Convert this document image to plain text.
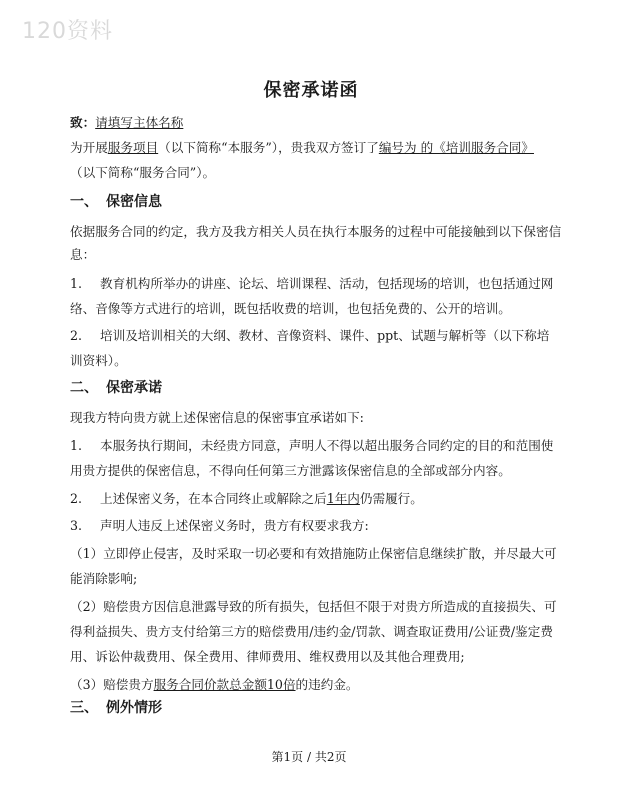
120资料
保密承诺函
致：请填写主体名称
为开展服务项目（以下简称“本服务”），贵我双方签订了编号为 的《培训服务合同》
（以下简称“服务合同”）。
一、 保密信息
依据服务合同的约定，我方及我方相关人员在执行本服务的过程中可能接触到以下保密信
息：
1. 教育机构所举办的讲座、论坛、培训课程、活动，包括现场的培训，也包括通过网
络、音像等方式进行的培训，既包括收费的培训，也包括免费的、公开的培训。
2. 培训及培训相关的大纲、教材、音像资料、课件、ppt、试题与解析等（以下称培
训资料）。
二、 保密承诺
现我方特向贵方就上述保密信息的保密事宜承诺如下:
1. 本服务执行期间，未经贵方同意，声明人不得以超出服务合同约定的目的和范围使
用贵方提供的保密信息，不得向任何第三方泄露该保密信息的全部或部分内容。
2. 上述保密义务，在本合同终止或解除之后1年内仍需履行。
3. 声明人违反上述保密义务时，贵方有权要求我方:
（1）立即停止侵害，及时采取一切必要和有效措施防止保密信息继续扩散，并尽最大可
能消除影响;
（2）赔偿贵方因信息泄露导致的所有损失，包括但不限于对贵方所造成的直接损失、可
得利益损失、贵方支付给第三方的赔偿费用/违约金/罚款、调查取证费用/公证费/鉴定费
用、诉讼仲裁费用、保全费用、律师费用、维权费用以及其他合理费用;
（3）赔偿贵方服务合同价款总金额10倍的违约金。
三、 例外情形
第1页 / 共2页
